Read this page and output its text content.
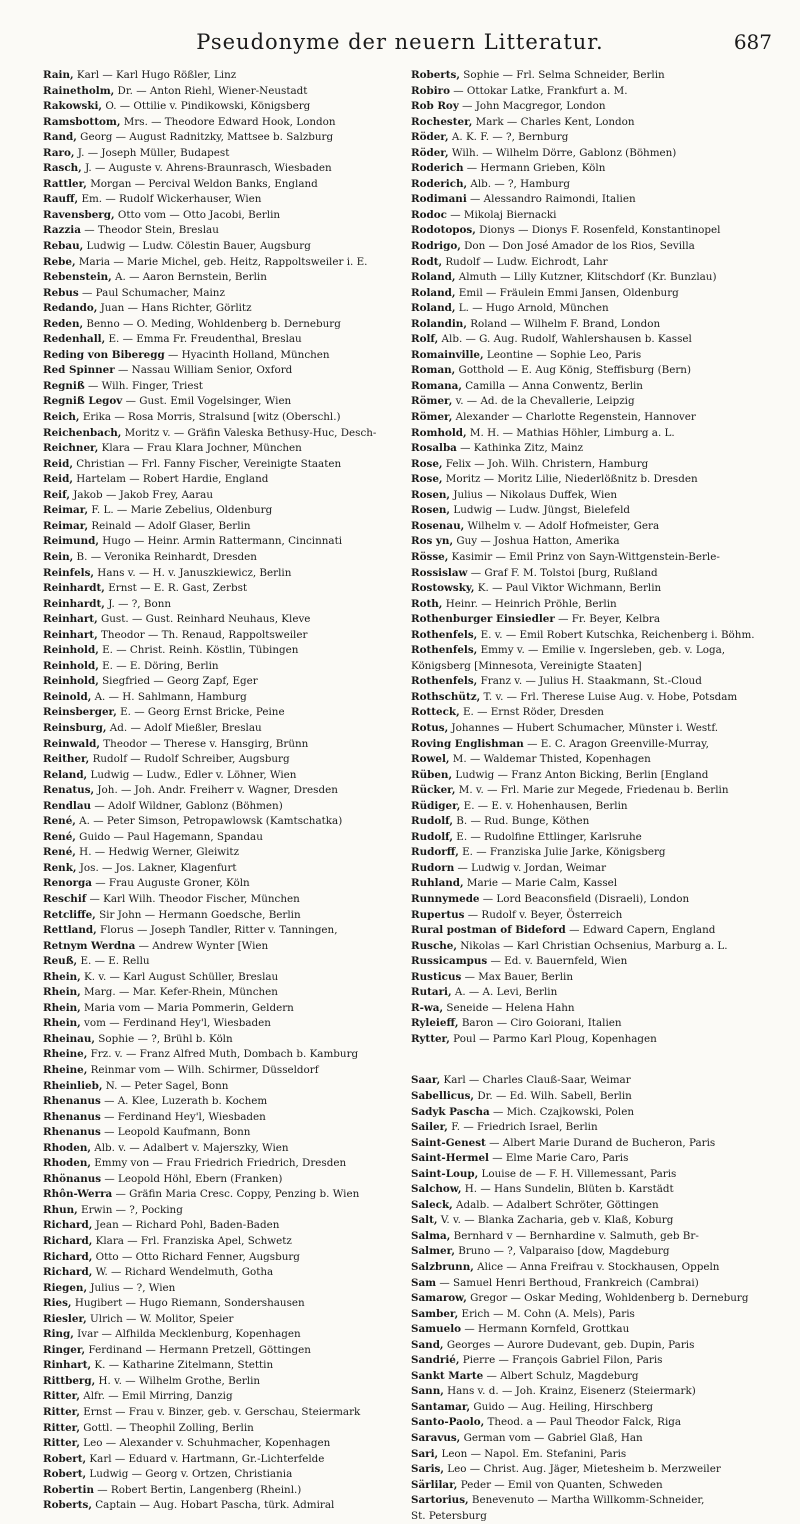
Pseudonyme der neuern Litteratur.	687
Rain, Karl — Karl Hugo Rößler, Linz
Rainetholm, Dr. — Anton Riehl, Wiener-Neustadt
Rakowski, O. — Ottilie v. Pindikowski, Königsberg
Ramsbottom, Mrs. — Theodore Edward Hook, London
Rand, Georg — August Radnitzky, Mattsee b. Salzburg
Raro, J. — Joseph Müller, Budapest
Rasch, J. — Auguste v. Ahrens-Braunrasch, Wiesbaden
Rattler, Morgan — Percival Weldon Banks, England
Rauff, Em. — Rudolf Wickerhauser, Wien
Ravensberg, Otto vom — Otto Jacobi, Berlin
Razzia — Theodor Stein, Breslau
Rebau, Ludwig — Ludw. Cölestin Bauer, Augsburg
Rebe, Maria — Marie Michel, geb. Heitz, Rappoltsweiler i. E.
Rebenstein, A. — Aaron Bernstein, Berlin
Rebus — Paul Schumacher, Mainz
Redando, Juan — Hans Richter, Görlitz
Reden, Benno — O. Meding, Wohldenberg b. Derneburg
Redenhall, E. — Emma Fr. Freudenthal, Breslau
Reding von Biberegg — Hyacinth Holland, München
Red Spinner — Nassau William Senior, Oxford
Regniß — Wilh. Finger, Triest
Regniß Legov — Gust. Emil Vogelsinger, Wien
Reich, Erika — Rosa Morris, Stralsund [witz (Oberschl.)
Reichenbach, Moritz v. — Gräfin Valeska Bethusy-Huc, Desch-
Reichner, Klara — Frau Klara Jochner, München
Reid, Christian — Frl. Fanny Fischer, Vereinigte Staaten
Reid, Hartelam — Robert Hardie, England
Reif, Jakob — Jakob Frey, Aarau
Reimar, F. L. — Marie Zebelius, Oldenburg
Reimar, Reinald — Adolf Glaser, Berlin
Reimund, Hugo — Heinr. Armin Rattermann, Cincinnati
Rein, B. — Veronika Reinhardt, Dresden
Reinfels, Hans v. — H. v. Januszkiewicz, Berlin
Reinhardt, Ernst — E. R. Gast, Zerbst
Reinhardt, J. — ?, Bonn
Reinhart, Gust. — Gust. Reinhard Neuhaus, Kleve
Reinhart, Theodor — Th. Renaud, Rappoltsweiler
Reinhold, E. — Christ. Reinh. Köstlin, Tübingen
Reinhold, E. — E. Döring, Berlin
Reinhold, Siegfried — Georg Zapf, Eger
Reinold, A. — H. Sahlmann, Hamburg
Reinsberger, E. — Georg Ernst Bricke, Peine
Reinsburg, Ad. — Adolf Mießler, Breslau
Reinwald, Theodor — Therese v. Hansgirg, Brünn
Reither, Rudolf — Rudolf Schreiber, Augsburg
Reland, Ludwig — Ludw., Edler v. Löhner, Wien
Renatus, Joh. — Joh. Andr. Freiherr v. Wagner, Dresden
Rendlau — Adolf Wildner, Gablonz (Böhmen)
René, A. — Peter Simson, Petropawlowsk (Kamtschatka)
René, Guido — Paul Hagemann, Spandau
René, H. — Hedwig Werner, Gleiwitz
Renk, Jos. — Jos. Lakner, Klagenfurt
Renorga — Frau Auguste Groner, Köln
Reschif — Karl Wilh. Theodor Fischer, München
Retcliffe, Sir John — Hermann Goedsche, Berlin
Rettland, Florus — Joseph Tandler, Ritter v. Tanningen,
Retnym Werdna — Andrew Wynter [Wien
Reuß, E. — E. Rellu
Rhein, K. v. — Karl August Schüller, Breslau
Rhein, Marg. — Mar. Kefer-Rhein, München
Rhein, Maria vom — Maria Pommerin, Geldern
Rhein, vom — Ferdinand Hey'l, Wiesbaden
Rheinau, Sophie — ?, Brühl b. Köln
Rheine, Frz. v. — Franz Alfred Muth, Dombach b. Kamburg
Rheine, Reinmar vom — Wilh. Schirmer, Düsseldorf
Rheinlieb, N. — Peter Sagel, Bonn
Rhenanus — A. Klee, Luzerath b. Kochem
Rhenanus — Ferdinand Hey'l, Wiesbaden
Rhenanus — Leopold Kaufmann, Bonn
Rhoden, Alb. v. — Adalbert v. Majerszky, Wien
Rhoden, Emmy von — Frau Friedrich Friedrich, Dresden
Rhönanus — Leopold Höhl, Ebern (Franken)
Rhôn-Werra — Gräfin Maria Cresc. Coppy, Penzing b. Wien
Rhun, Erwin — ?, Pocking
Richard, Jean — Richard Pohl, Baden-Baden
Richard, Klara — Frl. Franziska Apel, Schwetz
Richard, Otto — Otto Richard Fenner, Augsburg
Richard, W. — Richard Wendelmuth, Gotha
Riegen, Julius — ?, Wien
Ries, Hugibert — Hugo Riemann, Sondershausen
Riesler, Ulrich — W. Molitor, Speier
Ring, Ivar — Alfhilda Mecklenburg, Kopenhagen
Ringer, Ferdinand — Hermann Pretzell, Göttingen
Rinhart, K. — Katharine Zitelmann, Stettin
Rittberg, H. v. — Wilhelm Grothe, Berlin
Ritter, Alfr. — Emil Mirring, Danzig
Ritter, Ernst — Frau v. Binzer, geb. v. Gerschau, Steiermark
Ritter, Gottl. — Theophil Zolling, Berlin
Ritter, Leo — Alexander v. Schuhmacher, Kopenhagen
Robert, Karl — Eduard v. Hartmann, Gr.-Lichterfelde
Robert, Ludwig — Georg v. Ortzen, Christiania
Robertin — Robert Bertin, Langenberg (Rheinl.)
Roberts, Captain — Aug. Hobart Pascha, türk. Admiral
Roberts, Sophie — Frl. Selma Schneider, Berlin
Robiro — Ottokar Latke, Frankfurt a. M.
Rob Roy — John Macgregor, London
Rochester, Mark — Charles Kent, London
Röder, A. K. F. — ?, Bernburg
Röder, Wilh. — Wilhelm Dörre, Gablonz (Böhmen)
Roderich — Hermann Grieben, Köln
Roderich, Alb. — ?, Hamburg
Rodimani — Alessandro Raimondi, Italien
Rodoc — Mikolaj Biernacki
Rodotopos, Dionys — Dionys F. Rosenfeld, Konstantinopel
Rodrigo, Don — Don José Amador de los Rios, Sevilla
Rodt, Rudolf — Ludw. Eichrodt, Lahr
Roland, Almuth — Lilly Kutzner, Klitschdorf (Kr. Bunzlau)
Roland, Emil — Fräulein Emmi Jansen, Oldenburg
Roland, L. — Hugo Arnold, München
Rolandin, Roland — Wilhelm F. Brand, London
Rolf, Alb. — G. Aug. Rudolf, Wahlershausen b. Kassel
Romainville, Leontine — Sophie Leo, Paris
Roman, Gotthold — E. Aug König, Steffisburg (Bern)
Romana, Camilla — Anna Conwentz, Berlin
Römer, v. — Ad. de la Chevallerie, Leipzig
Römer, Alexander — Charlotte Regenstein, Hannover
Romhold, M. H. — Mathias Höhler, Limburg a. L.
Rosalba — Kathinka Zitz, Mainz
Rose, Felix — Joh. Wilh. Christern, Hamburg
Rose, Moritz — Moritz Lilie, Niederlößnitz b. Dresden
Rosen, Julius — Nikolaus Duffek, Wien
Rosen, Ludwig — Ludw. Jüngst, Bielefeld
Rosenau, Wilhelm v. — Adolf Hofmeister, Gera
Ros yn, Guy — Joshua Hatton, Amerika
Rösse, Kasimir — Emil Prinz von Sayn-Wittgenstein-Berle-
Rossislaw — Graf F. M. Tolstoi [burg, Rußland
Rostowsky, K. — Paul Viktor Wichmann, Berlin
Roth, Heinr. — Heinrich Pröhle, Berlin
Rothenburger Einsiedler — Fr. Beyer, Kelbra
Rothenfels, E. v. — Emil Robert Kutschka, Reichenberg i. Böhm.
Rothenfels, Emmy v. — Emilie v. Ingersleben, geb. v. Loga,
Königsberg [Minnesota, Vereinigte Staaten]
Rothenfels, Franz v. — Julius H. Staakmann, St.-Cloud
Rothschütz, T. v. — Frl. Therese Luise Aug. v. Hobe, Potsdam
Rotteck, E. — Ernst Röder, Dresden
Rotus, Johannes — Hubert Schumacher, Münster i. Westf.
Roving Englishman — E. C. Aragon Greenville-Murray,
Rowel, M. — Waldemar Thisted, Kopenhagen
Rüben, Ludwig — Franz Anton Bicking, Berlin [England
Rücker, M. v. — Frl. Marie zur Megede, Friedenau b. Berlin
Rüdiger, E. — E. v. Hohenhausen, Berlin
Rudolf, B. — Rud. Bunge, Köthen
Rudolf, E. — Rudolfine Ettlinger, Karlsruhe
Rudorff, E. — Franziska Julie Jarke, Königsberg
Rudorn — Ludwig v. Jordan, Weimar
Ruhland, Marie — Marie Calm, Kassel
Runnymede — Lord Beaconsfield (Disraeli), London
Rupertus — Rudolf v. Beyer, Österreich
Rural postman of Bideford — Edward Capern, England
Rusche, Nikolas — Karl Christian Ochsenius, Marburg a. L.
Russicampus — Ed. v. Bauernfeld, Wien
Rusticus — Max Bauer, Berlin
Rutari, A. — A. Levi, Berlin
R-wa, Seneide — Helena Hahn
Ryleieff, Baron — Ciro Goiorani, Italien
Rytter, Poul — Parmo Karl Ploug, Kopenhagen
Saar, Karl — Charles Clauß-Saar, Weimar
Sabellicus, Dr. — Ed. Wilh. Sabell, Berlin
Sadyk Pascha — Mich. Czajkowski, Polen
Sailer, F. — Friedrich Israel, Berlin
Saint-Genest — Albert Marie Durand de Bucheron, Paris
Saint-Hermel — Elme Marie Caro, Paris
Saint-Loup, Louise de — F. H. Villemessant, Paris
Salchow, H. — Hans Sundelin, Blüten b. Karstädt
Saleck, Adalb. — Adalbert Schröter, Göttingen
Salt, V. v. — Blanka Zacharia, geb v. Klaß, Koburg
Salma, Bernhard v — Bernhardine v. Salmuth, geb Br-
Salmer, Bruno — ?, Valparaiso [dow, Magdeburg
Salzbrunn, Alice — Anna Freifrau v. Stockhausen, Oppeln
Sam — Samuel Henri Berthoud, Frankreich (Cambrai)
Samarow, Gregor — Oskar Meding, Wohldenberg b. Derneburg
Samber, Erich — M. Cohn (A. Mels), Paris
Samuelo — Hermann Kornfeld, Grottkau
Sand, Georges — Aurore Dudevant, geb. Dupin, Paris
Sandrié, Pierre — François Gabriel Filon, Paris
Sankt Marte — Albert Schulz, Magdeburg
Sann, Hans v. d. — Joh. Krainz, Eisenerz (Steiermark)
Santamar, Guido — Aug. Heiling, Hirschberg
Santo-Paolo, Theod. a — Paul Theodor Falck, Riga
Saravus, German vom — Gabriel Glaß, Han
Sari, Leon — Napol. Em. Stefanini, Paris
Saris, Leo — Christ. Aug. Jäger, Mietesheim b. Merzweiler
Särlilar, Peder — Emil von Quanten, Schweden
Sartorius, Benevenuto — Martha Willkomm-Schneider,
St. Petersburg
